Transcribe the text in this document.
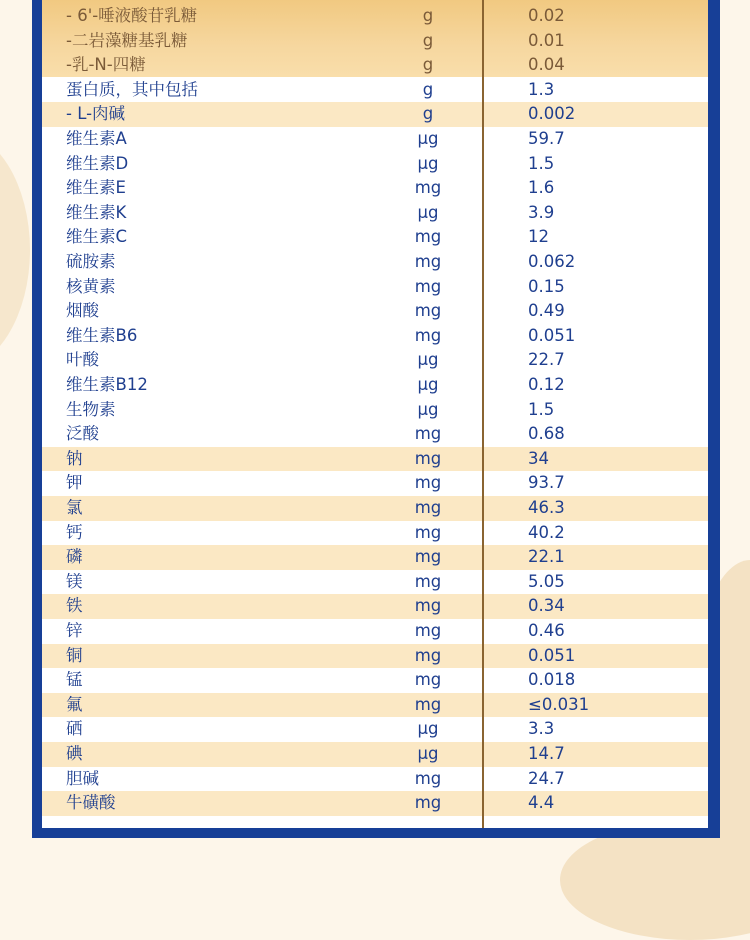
- 6'-唾液酸苷乳糖	g	0.02
-二岩藻糖基乳糖	g	0.01
-乳-N-四糖	g	0.04
蛋白质，其中包括	g	1.3
- L-肉碱	g	0.002
维生素A	μg	59.7
维生素D	μg	1.5
维生素E	mg	1.6
维生素K	μg	3.9
维生素C	mg	12
硫胺素	mg	0.062
核黄素	mg	0.15
烟酸	mg	0.49
维生素B6	mg	0.051
叶酸	μg	22.7
维生素B12	μg	0.12
生物素	μg	1.5
泛酸	mg	0.68
钠	mg	34
钾	mg	93.7
氯	mg	46.3
钙	mg	40.2
磷	mg	22.1
镁	mg	5.05
铁	mg	0.34
锌	mg	0.46
铜	mg	0.051
锰	mg	0.018
氟	mg	≤0.031
硒	μg	3.3
碘	μg	14.7
胆碱	mg	24.7
牛磺酸	mg	4.4
